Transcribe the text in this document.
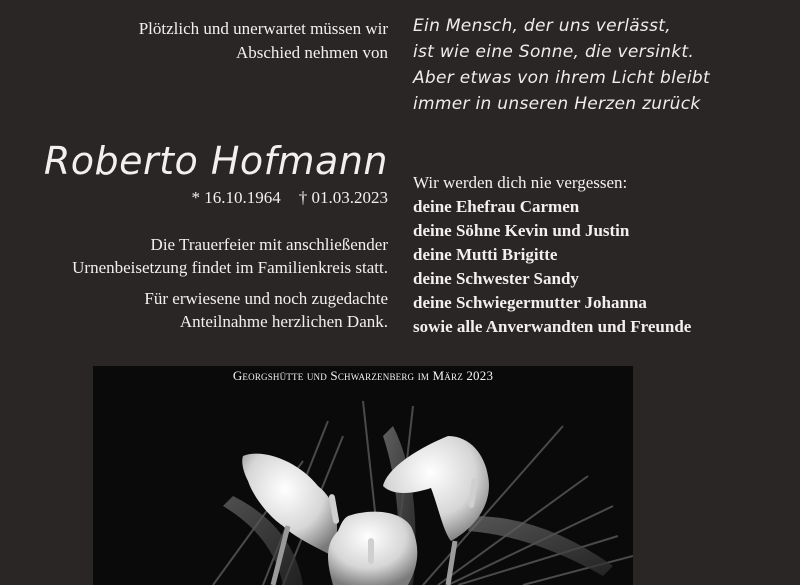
Plötzlich und unerwartet müssen wir
Abschied nehmen von
Ein Mensch, der uns verlässt,
ist wie eine Sonne, die versinkt.
Aber etwas von ihrem Licht bleibt
immer in unseren Herzen zurück
Roberto Hofmann
* 16.10.1964 † 01.03.2023
Die Trauerfeier mit anschließender
Urnenbeisetzung findet im Familienkreis statt.
Für erwiesene und noch zugedachte
Anteilnahme herzlichen Dank.
Wir werden dich nie vergessen:
deine Ehefrau Carmen
deine Söhne Kevin und Justin
deine Mutti Brigitte
deine Schwester Sandy
deine Schwiegermutter Johanna
sowie alle Anverwandten und Freunde
Georgshütte und Schwarzenberg im März 2023
